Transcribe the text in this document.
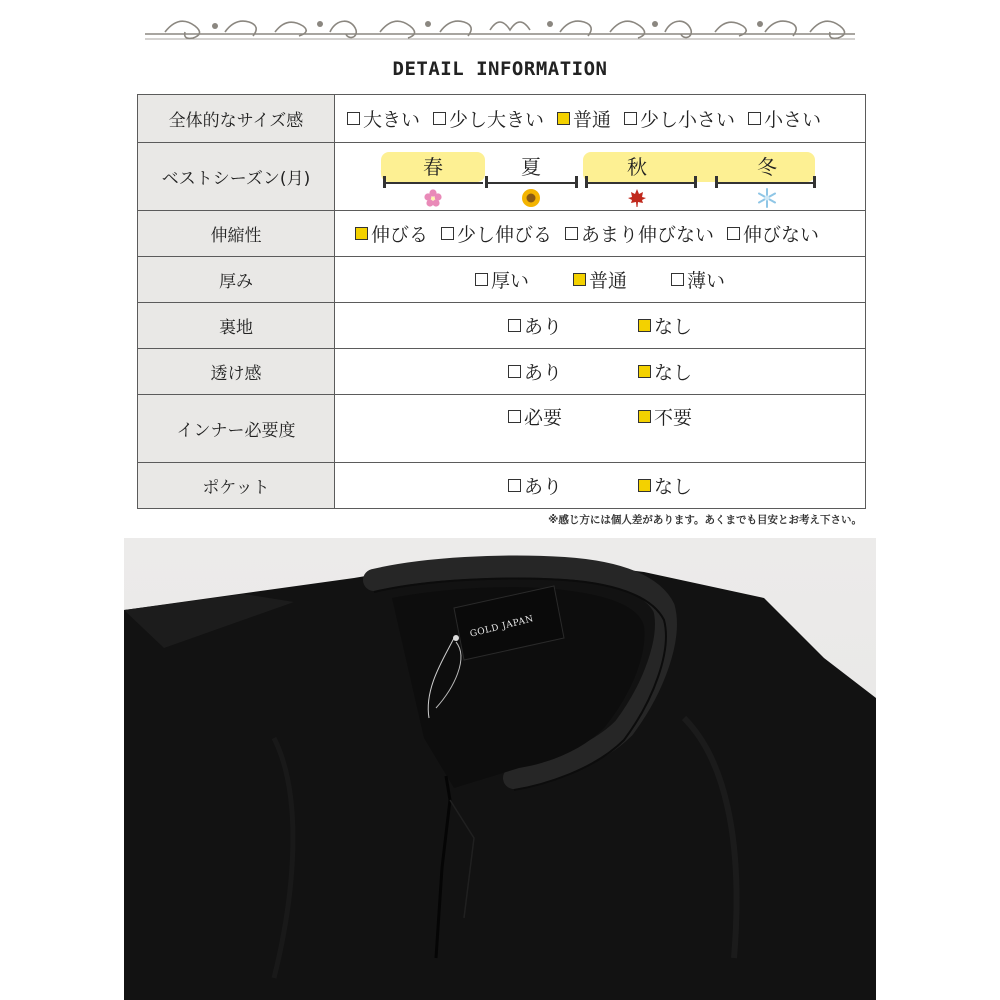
DETAIL INFORMATION
全体的なサイズ感	大きい 少し大きい 普通 少し小さい 小さい

ベストシーズン(月)	春 夏 秋 冬

伸縮性	伸びる 少し伸びる あまり伸びない 伸びない

厚み	厚い 普通 薄い

裏地	あり なし

透け感	あり なし

インナー必要度	必要 不要

ポケット	あり なし
※感じ方には個人差があります。あくまでも目安とお考え下さい。
GOLD JAPAN
